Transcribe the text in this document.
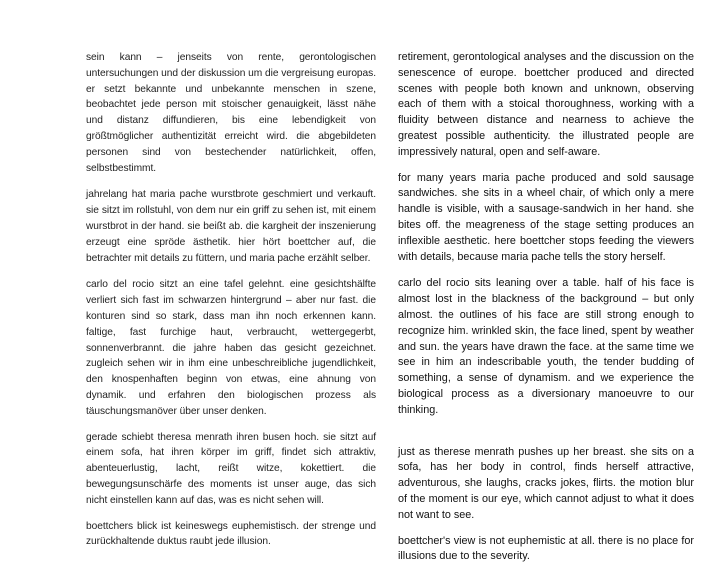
sein kann – jenseits von rente, gerontologischen untersuchungen und der diskussion um die vergreisung europas. er setzt bekannte und unbekannte menschen in szene, beobachtet jede person mit stoischer genauigkeit, lässt nähe und distanz diffundieren, bis eine lebendigkeit von größtmöglicher authentizität erreicht wird. die abgebildeten personen sind von bestechender natürlichkeit, offen, selbstbestimmt.

jahrelang hat maria pache wurstbrote geschmiert und verkauft. sie sitzt im rollstuhl, von dem nur ein griff zu sehen ist, mit einem wurstbrot in der hand. sie beißt ab. die kargheit der inszenierung erzeugt eine spröde ästhetik. hier hört boettcher auf, die betrachter mit details zu füttern, und maria pache erzählt selber.

carlo del rocio sitzt an eine tafel gelehnt. eine gesichtshälfte verliert sich fast im schwarzen hintergrund – aber nur fast. die konturen sind so stark, dass man ihn noch erkennen kann. faltige, fast furchige haut, verbraucht, wettergegerbt, sonnenverbrannt. die jahre haben das gesicht gezeichnet. zugleich sehen wir in ihm eine unbeschreibliche jugendlichkeit, den knospenhaften beginn von etwas, eine ahnung von dynamik. und erfahren den biologischen prozess als täuschungsmanöver über unser denken.

gerade schiebt theresa menrath ihren busen hoch. sie sitzt auf einem sofa, hat ihren körper im griff, findet sich attraktiv, abenteuerlustig, lacht, reißt witze, kokettiert. die bewegungsunschärfe des moments ist unser auge, das sich nicht einstellen kann auf das, was es nicht sehen will.

boettchers blick ist keineswegs euphemistisch. der strenge und zurückhaltende duktus raubt jede illusion.

retirement, gerontological analyses and the discussion on the senescence of europe. boettcher produced and directed scenes with people both known and unknown, observing each of them with a stoical thoroughness, working with a fluidity between distance and nearness to achieve the greatest possible authenticity. the illustrated people are impressively natural, open and self-aware.

for many years maria pache produced and sold sausage sandwiches. she sits in a wheel chair, of which only a mere handle is visible, with a sausage-sandwich in her hand. she bites off. the meagreness of the stage setting produces an inflexible aesthetic. here boettcher stops feeding the viewers with details, because maria pache tells the story herself.

carlo del rocio sits leaning over a table. half of his face is almost lost in the blackness of the background – but only almost. the outlines of his face are still strong enough to recognize him. wrinkled skin, the face lined, spent by weather and sun. the years have drawn the face. at the same time we see in him an indescribable youth, the tender budding of something, a sense of dynamism. and we experience the biological process as a diversionary manoeuvre to our thinking.

just as therese menrath pushes up her breast. she sits on a sofa, has her body in control, finds herself attractive, adventurous, she laughs, cracks jokes, flirts. the motion blur of the moment is our eye, which cannot adjust to what it does not want to see.

boettcher's view is not euphemistic at all. there is no place for illusions due to the severity.
